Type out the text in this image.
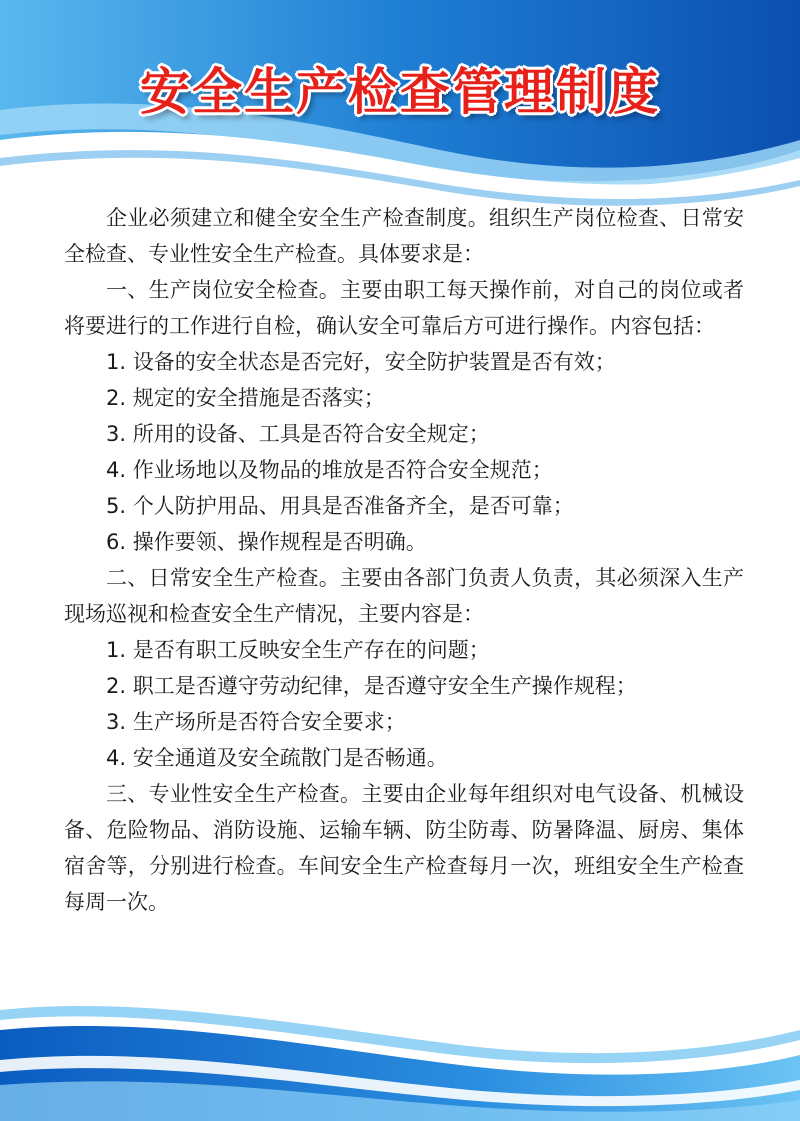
安全生产检查管理制度

企业必须建立和健全安全生产检查制度。组织生产岗位检查、日常安全检查、专业性安全生产检查。具体要求是：

一、生产岗位安全检查。主要由职工每天操作前，对自己的岗位或者将要进行的工作进行自检，确认安全可靠后方可进行操作。内容包括：

1. 设备的安全状态是否完好，安全防护装置是否有效；

2. 规定的安全措施是否落实；

3. 所用的设备、工具是否符合安全规定；

4. 作业场地以及物品的堆放是否符合安全规范；

5. 个人防护用品、用具是否准备齐全，是否可靠；

6. 操作要领、操作规程是否明确。

二、日常安全生产检查。主要由各部门负责人负责，其必须深入生产现场巡视和检查安全生产情况，主要内容是：

1. 是否有职工反映安全生产存在的问题；

2. 职工是否遵守劳动纪律，是否遵守安全生产操作规程；

3. 生产场所是否符合安全要求；

4. 安全通道及安全疏散门是否畅通。

三、专业性安全生产检查。主要由企业每年组织对电气设备、机械设备、危险物品、消防设施、运输车辆、防尘防毒、防暑降温、厨房、集体宿舍等，分别进行检查。车间安全生产检查每月一次，班组安全生产检查每周一次。
